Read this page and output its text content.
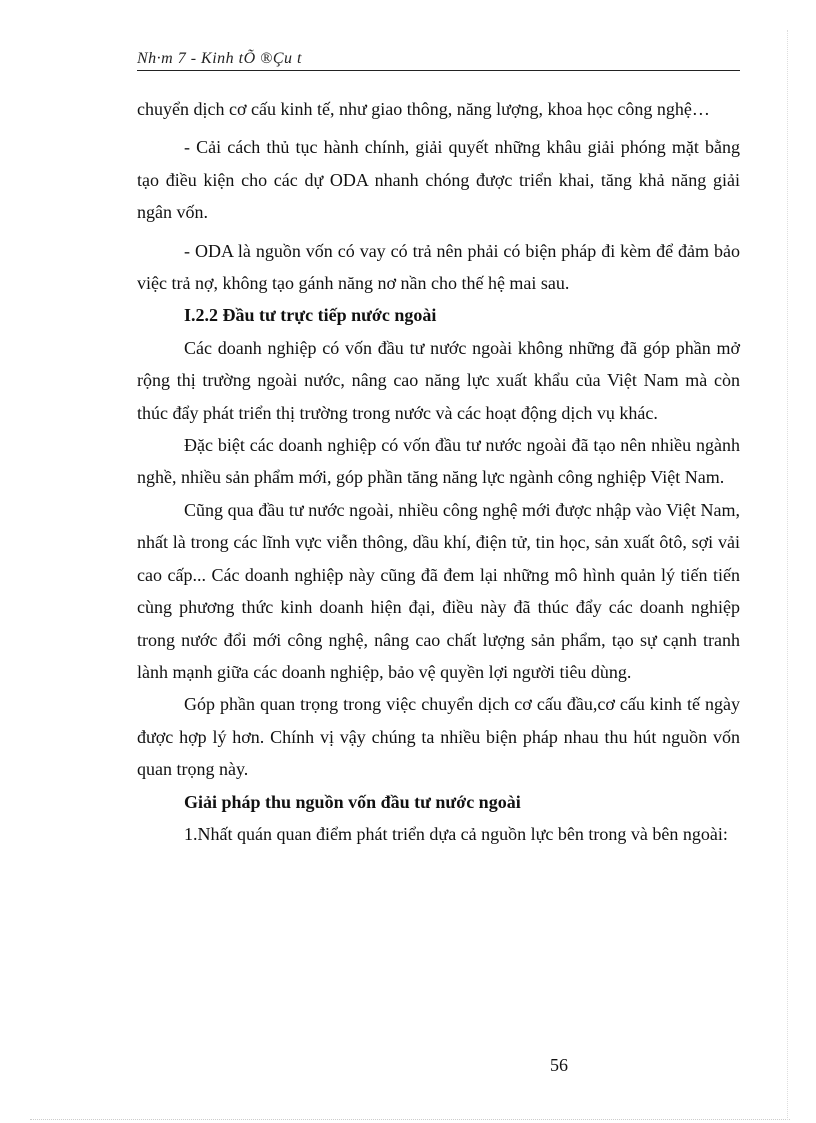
Nh·m 7 - Kinh tÕ ®Çu t

chuyển dịch cơ cấu kinh tế, như giao thông, năng lượng, khoa học công nghệ…

- Cải cách thủ tục hành chính, giải quyết những khâu giải phóng mặt bằng tạo điều kiện cho các dự ODA nhanh chóng được triển khai, tăng khả năng giải ngân vốn.

- ODA là nguồn vốn có vay có trả nên phải có biện pháp đi kèm để đảm bảo việc trả nợ, không tạo gánh năng nơ nần cho thế hệ mai sau.

I.2.2 Đầu tư trực tiếp nước ngoài

Các doanh nghiệp có vốn đầu tư nước ngoài không những đã góp phần mở rộng thị trường ngoài nước, nâng cao năng lực xuất khẩu của Việt Nam mà còn thúc đẩy phát triển thị trường trong nước và các hoạt động dịch vụ khác.

Đặc biệt các doanh nghiệp có vốn đầu tư nước ngoài đã tạo nên nhiều ngành nghề, nhiều sản phẩm mới, góp phần tăng năng lực ngành công nghiệp Việt Nam.

Cũng qua đầu tư nước ngoài, nhiều công nghệ mới được nhập vào Việt Nam, nhất là trong các lĩnh vực viễn thông, dầu khí, điện tử, tin học, sản xuất ôtô, sợi vải cao cấp... Các doanh nghiệp này cũng đã đem lại những mô hình quản lý tiến tiến cùng phương thức kinh doanh hiện đại, điều này đã thúc đẩy các doanh nghiệp trong nước đổi mới công nghệ, nâng cao chất lượng sản phẩm, tạo sự cạnh tranh lành mạnh giữa các doanh nghiệp, bảo vệ quyền lợi người tiêu dùng.

Góp phần quan trọng trong việc chuyển dịch cơ cấu đầu,cơ cấu kinh tế ngày được hợp lý hơn. Chính vị vậy chúng ta nhiều biện pháp nhau thu hút nguồn vốn quan trọng này.

Giải pháp thu nguồn vốn đầu tư nước ngoài

1.Nhất quán quan điểm phát triển dựa cả nguồn lực bên trong và bên ngoài:

56
